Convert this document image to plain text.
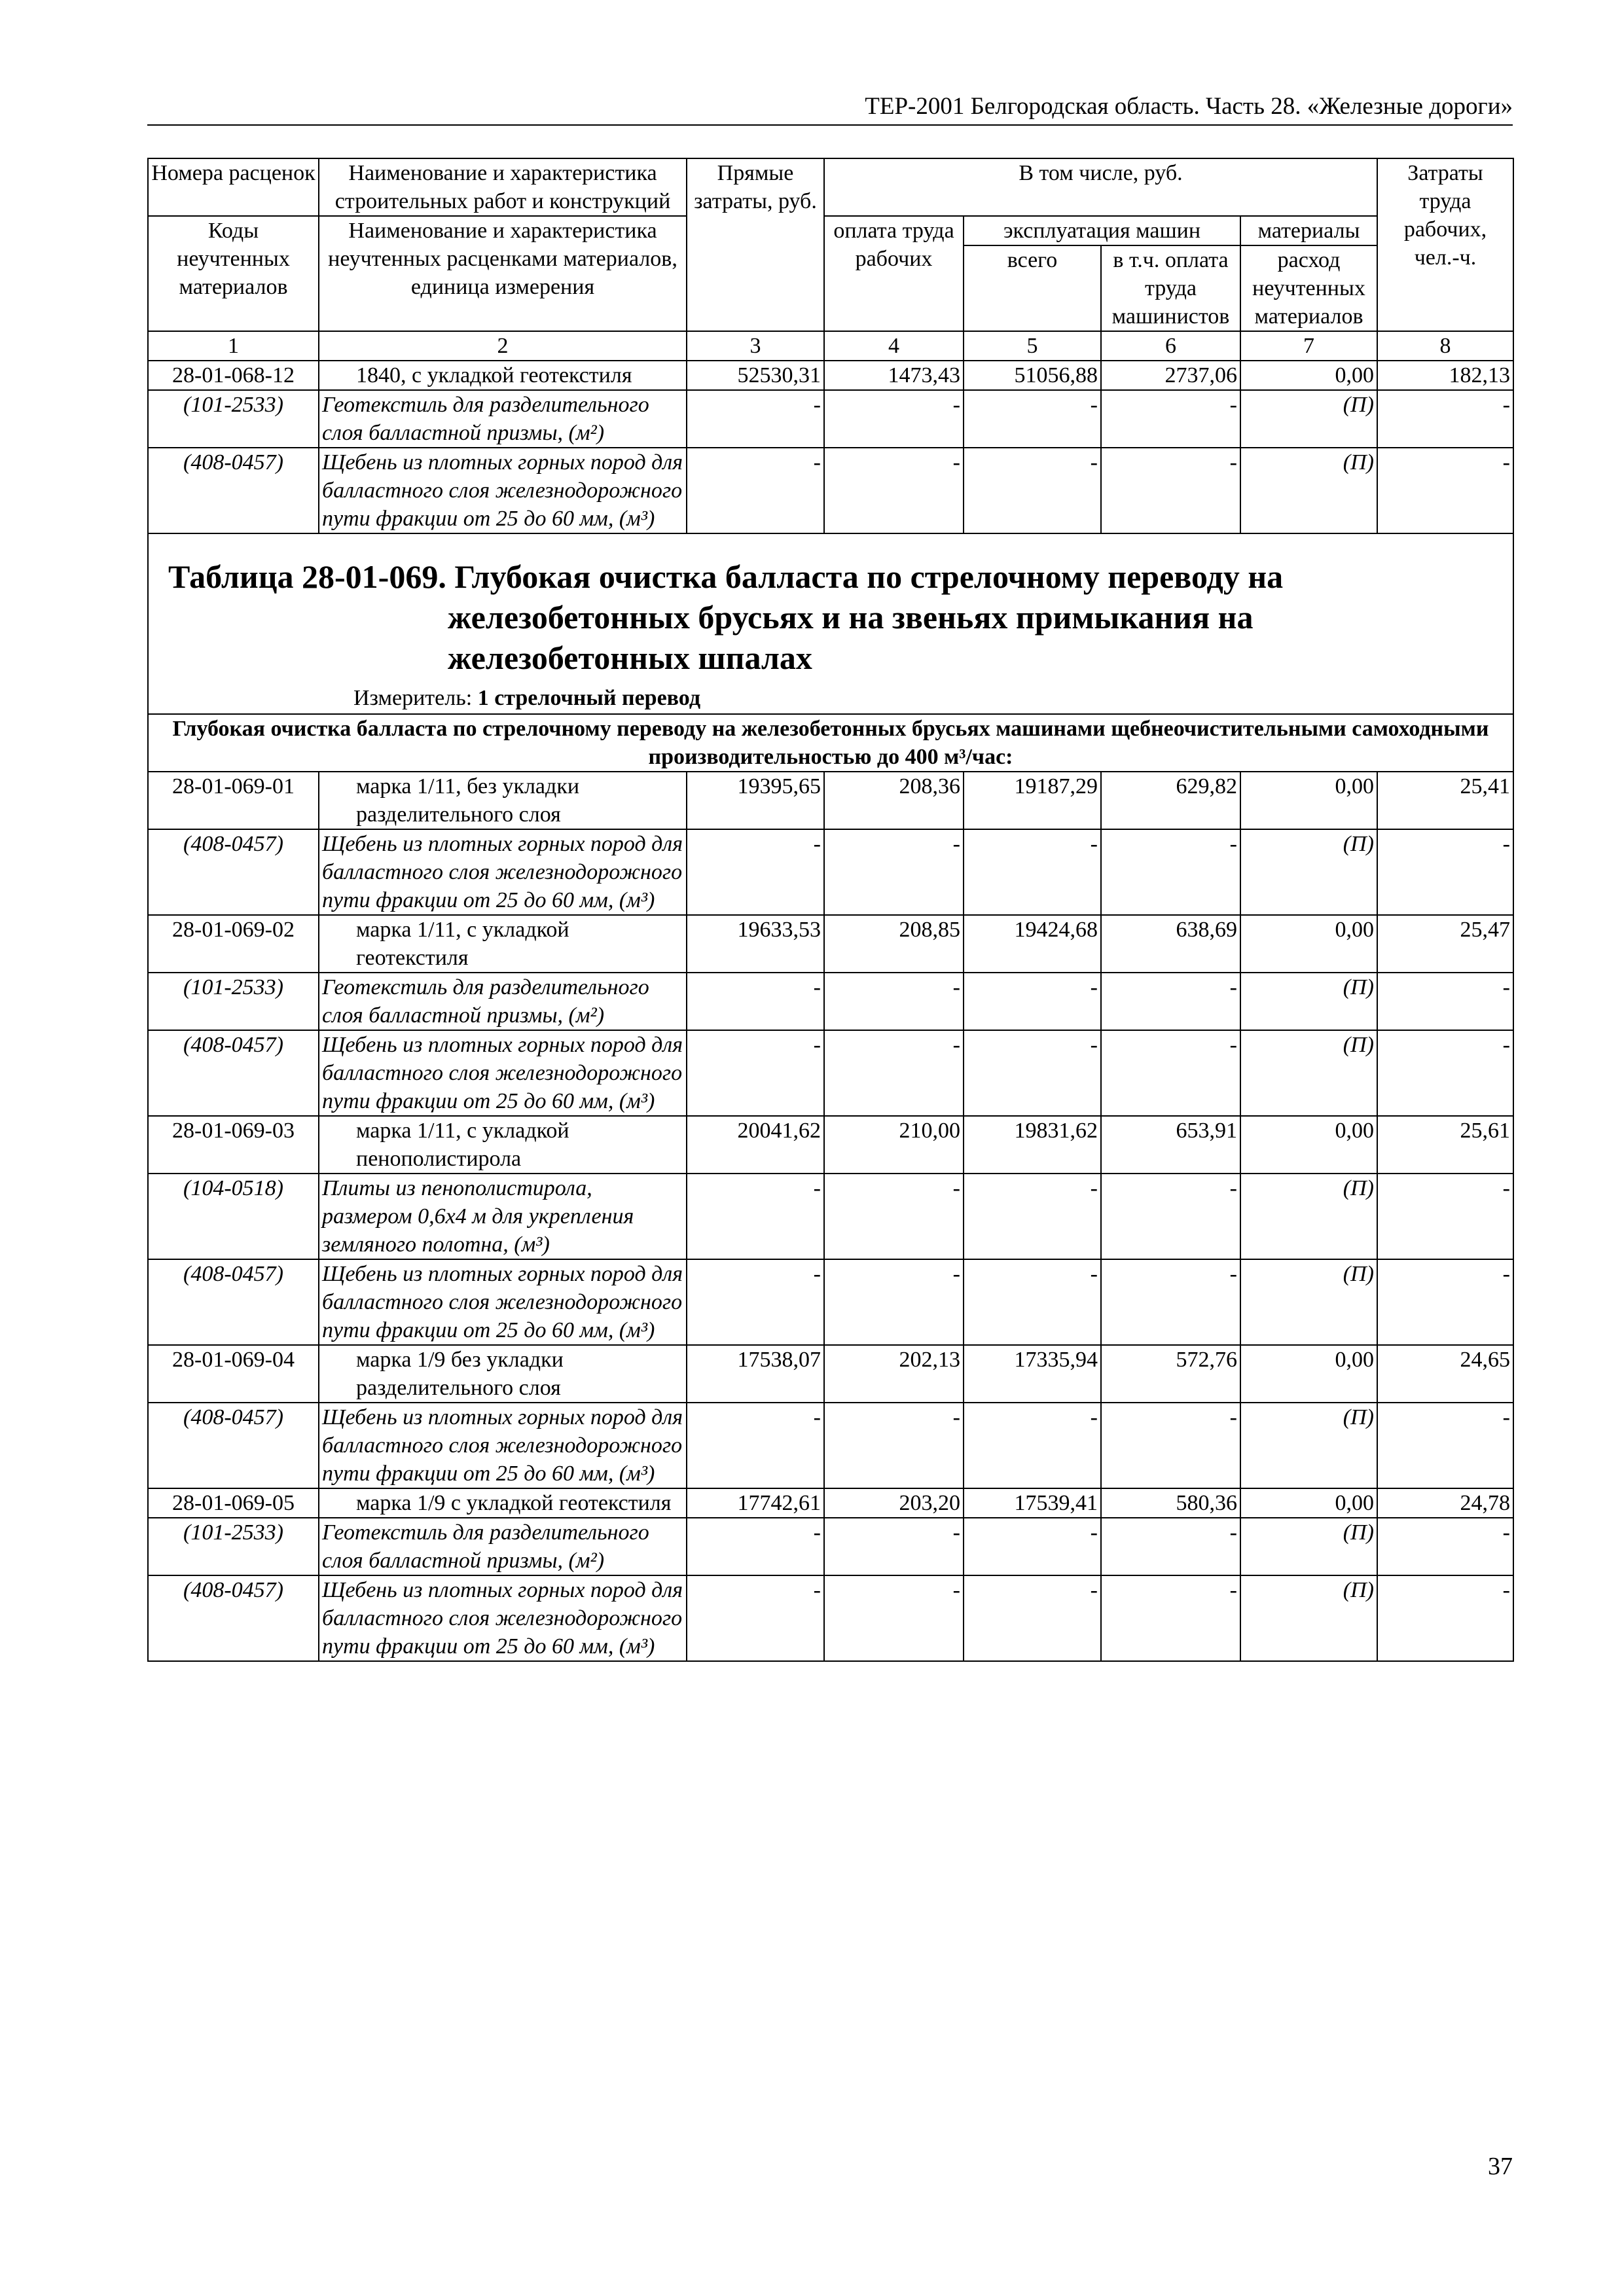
ТЕР-2001 Белгородская область. Часть 28. «Железные дороги»
Номера расценок	Наименование и характеристика строительных работ и конструкций	Прямые затраты, руб.	В том числе, руб.				Затраты труда рабочих, чел.-ч.
Коды неучтенных материалов	Наименование и характеристика неучтенных расценками материалов, единица измерения		оплата труда рабочих	эксплуатация машин		материалы	
				всего	в т.ч. оплата труда машинистов	расход неучтенных материалов	
1	2	3	4	5	6	7	8
28-01-068-12	1840, с укладкой геотекстиля	52530,31	1473,43	51056,88	2737,06	0,00	182,13
(101-2533)	Геотекстиль для разделительного слоя балластной призмы, (м²)	-	-	-	-	(П)	-
(408-0457)	Щебень из плотных горных пород для балластного слоя железнодорожного пути фракции от 25 до 60 мм, (м³)	-	-	-	-	(П)	-

Таблица 28-01-069. Глубокая очистка балласта по стрелочному переводу на
железобетонных брусьях и на звеньях примыкания на
железобетонных шпалах
Измеритель: 1 стрелочный перевод							

Глубокая очистка балласта по стрелочному переводу на железобетонных брусьях машинами щебнеочистительными самоходными производительностью до 400 м³/час:							
28-01-069-01	марка 1/11, без укладки разделительного слоя	19395,65	208,36	19187,29	629,82	0,00	25,41
(408-0457)	Щебень из плотных горных пород для балластного слоя железнодорожного пути фракции от 25 до 60 мм, (м³)	-	-	-	-	(П)	-
28-01-069-02	марка 1/11, с укладкой геотекстиля	19633,53	208,85	19424,68	638,69	0,00	25,47
(101-2533)	Геотекстиль для разделительного слоя балластной призмы, (м²)	-	-	-	-	(П)	-
(408-0457)	Щебень из плотных горных пород для балластного слоя железнодорожного пути фракции от 25 до 60 мм, (м³)	-	-	-	-	(П)	-
28-01-069-03	марка 1/11, с укладкой пенополистирола	20041,62	210,00	19831,62	653,91	0,00	25,61
(104-0518)	Плиты из пенополистирола, размером 0,6х4 м для укрепления земляного полотна, (м³)	-	-	-	-	(П)	-
(408-0457)	Щебень из плотных горных пород для балластного слоя железнодорожного пути фракции от 25 до 60 мм, (м³)	-	-	-	-	(П)	-
28-01-069-04	марка 1/9 без укладки разделительного слоя	17538,07	202,13	17335,94	572,76	0,00	24,65
(408-0457)	Щебень из плотных горных пород для балластного слоя железнодорожного пути фракции от 25 до 60 мм, (м³)	-	-	-	-	(П)	-
28-01-069-05	марка 1/9 с укладкой геотекстиля	17742,61	203,20	17539,41	580,36	0,00	24,78
(101-2533)	Геотекстиль для разделительного слоя балластной призмы, (м²)	-	-	-	-	(П)	-
(408-0457)	Щебень из плотных горных пород для балластного слоя железнодорожного пути фракции от 25 до 60 мм, (м³)	-	-	-	-	(П)	-
37
